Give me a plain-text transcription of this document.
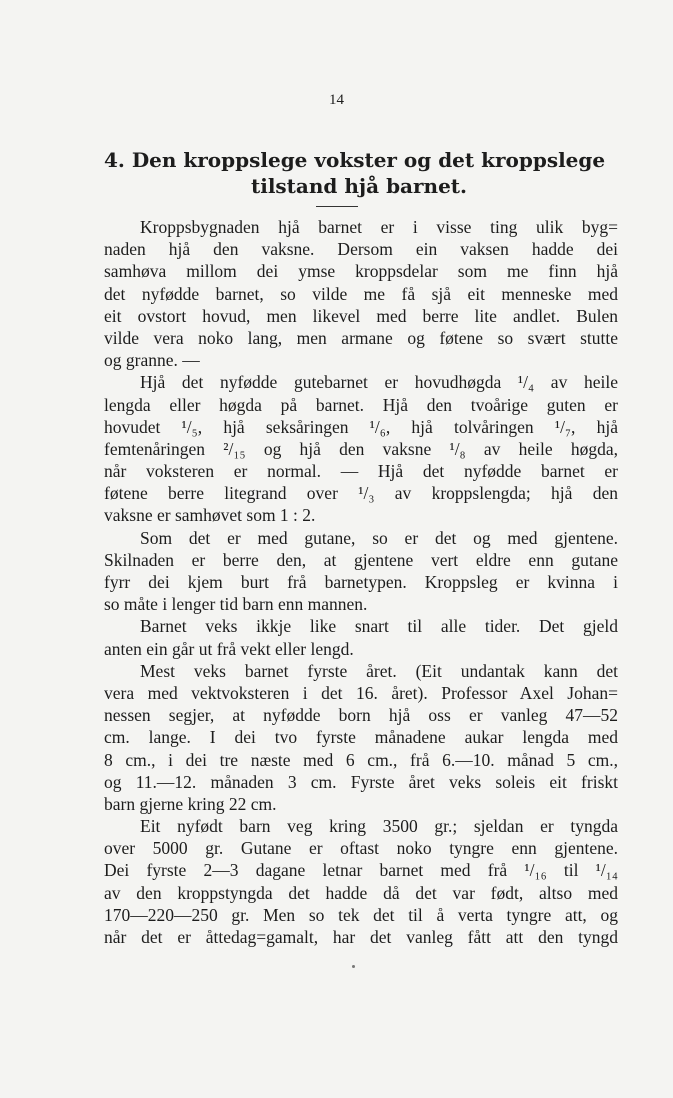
14
4. Den kroppslege vokster og det kroppslege
tilstand hjå barnet.
Kroppsbygnaden hjå barnet er i visse ting ulik byg=
naden hjå den vaksne. Dersom ein vaksen hadde dei
samhøva millom dei ymse kroppsdelar som me finn hjå
det nyfødde barnet, so vilde me få sjå eit menneske med
eit ovstort hovud, men likevel med berre lite andlet. Bulen
vilde vera noko lang, men armane og føtene so svært stutte
og granne. —
Hjå det nyfødde gutebarnet er hovudhøgda ¹/₄ av heile
lengda eller høgda på barnet. Hjå den tvoårige guten er
hovudet ¹/₅, hjå seksåringen ¹/₆, hjå tolvåringen ¹/₇, hjå
femtenåringen ²/₁₅ og hjå den vaksne ¹/₈ av heile høgda,
når voksteren er normal. — Hjå det nyfødde barnet er
føtene berre litegrand over ¹/₃ av kroppslengda; hjå den
vaksne er samhøvet som 1 : 2.
Som det er med gutane, so er det og med gjentene.
Skilnaden er berre den, at gjentene vert eldre enn gutane
fyrr dei kjem burt frå barnetypen. Kroppsleg er kvinna i
so måte i lenger tid barn enn mannen.
Barnet veks ikkje like snart til alle tider. Det gjeld
anten ein går ut frå vekt eller lengd.
Mest veks barnet fyrste året. (Eit undantak kann det
vera med vektvoksteren i det 16. året). Professor Axel Johan=
nessen segjer, at nyfødde born hjå oss er vanleg 47—52
cm. lange. I dei tvo fyrste månadene aukar lengda med
8 cm., i dei tre næste med 6 cm., frå 6.—10. månad 5 cm.,
og 11.—12. månaden 3 cm. Fyrste året veks soleis eit friskt
barn gjerne kring 22 cm.
Eit nyfødt barn veg kring 3500 gr.; sjeldan er tyngda
over 5000 gr. Gutane er oftast noko tyngre enn gjentene.
Dei fyrste 2—3 dagane letnar barnet med frå ¹/₁₆ til ¹/₁₄
av den kroppstyngda det hadde då det var født, altso med
170—220—250 gr. Men so tek det til å verta tyngre att, og
når det er åttedag=gamalt, har det vanleg fått att den tyngd
